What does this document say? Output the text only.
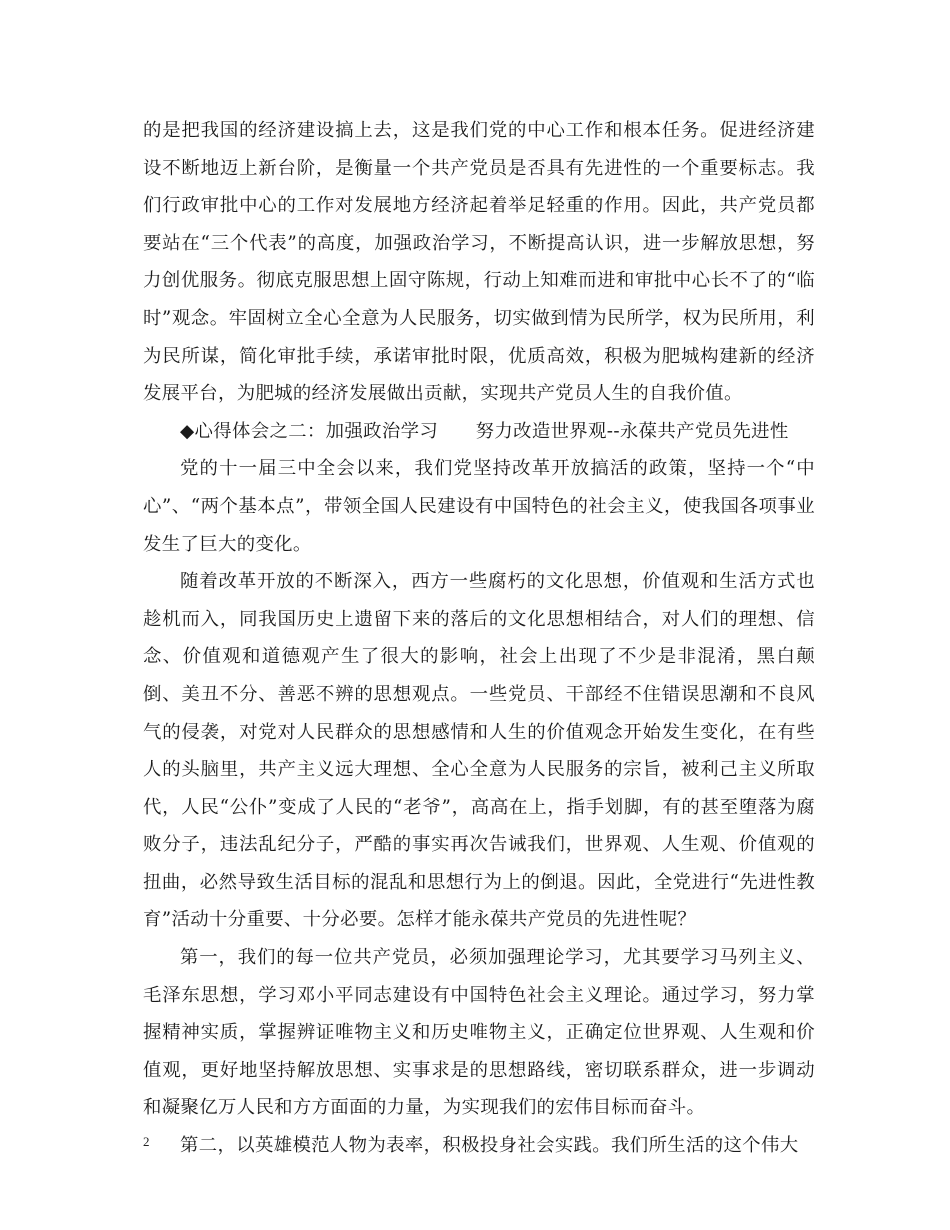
的是把我国的经济建设搞上去，这是我们党的中心工作和根本任务。促进经济建设不断地迈上新台阶，是衡量一个共产党员是否具有先进性的一个重要标志。我们行政审批中心的工作对发展地方经济起着举足轻重的作用。因此，共产党员都要站在“三个代表”的高度，加强政治学习，不断提高认识，进一步解放思想，努力创优服务。彻底克服思想上固守陈规，行动上知难而进和审批中心长不了的“临时”观念。牢固树立全心全意为人民服务，切实做到情为民所学，权为民所用，利为民所谋，简化审批手续，承诺审批时限，优质高效，积极为肥城构建新的经济发展平台，为肥城的经济发展做出贡献，实现共产党员人生的自我价值。

◆心得体会之二：加强政治学习　　努力改造世界观--永葆共产党员先进性

党的十一届三中全会以来，我们党坚持改革开放搞活的政策，坚持一个“中心”、“两个基本点”，带领全国人民建设有中国特色的社会主义，使我国各项事业发生了巨大的变化。

随着改革开放的不断深入，西方一些腐朽的文化思想，价值观和生活方式也趁机而入，同我国历史上遗留下来的落后的文化思想相结合，对人们的理想、信念、价值观和道德观产生了很大的影响，社会上出现了不少是非混淆，黑白颠倒、美丑不分、善恶不辨的思想观点。一些党员、干部经不住错误思潮和不良风气的侵袭，对党对人民群众的思想感情和人生的价值观念开始发生变化，在有些人的头脑里，共产主义远大理想、全心全意为人民服务的宗旨，被利己主义所取代，人民“公仆”变成了人民的“老爷”，高高在上，指手划脚，有的甚至堕落为腐败分子，违法乱纪分子，严酷的事实再次告诫我们，世界观、人生观、价值观的扭曲，必然导致生活目标的混乱和思想行为上的倒退。因此，全党进行“先进性教育”活动十分重要、十分必要。怎样才能永葆共产党员的先进性呢？

第一，我们的每一位共产党员，必须加强理论学习，尤其要学习马列主义、毛泽东思想，学习邓小平同志建设有中国特色社会主义理论。通过学习，努力掌握精神实质，掌握辨证唯物主义和历史唯物主义，正确定位世界观、人生观和价值观，更好地坚持解放思想、实事求是的思想路线，密切联系群众，进一步调动和凝聚亿万人民和方方面面的力量，为实现我们的宏伟目标而奋斗。

第二，以英雄模范人物为表率，积极投身社会实践。我们所生活的这个伟大

2
